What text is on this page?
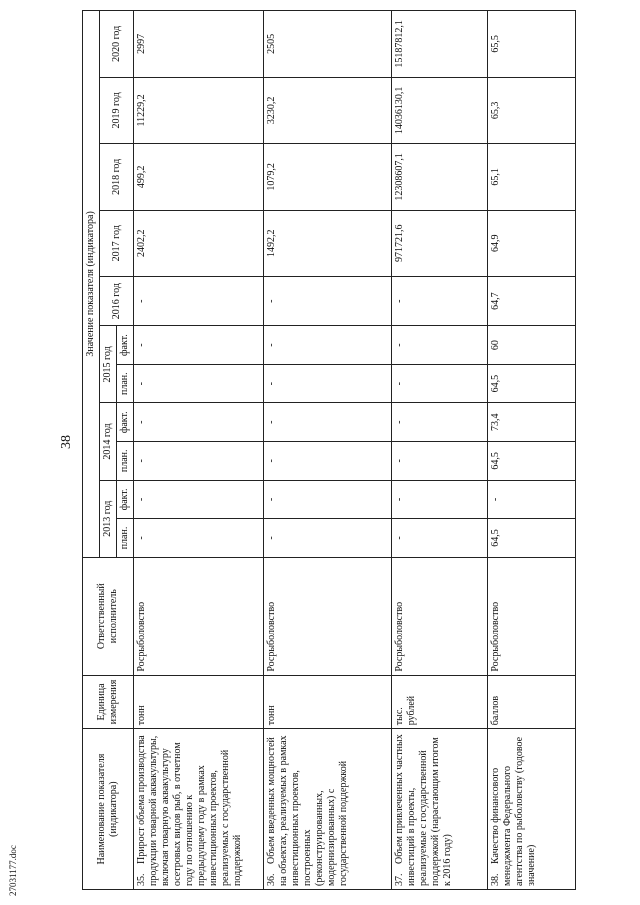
38
27031177.doc
Наименование показателя (индикатора)	Единица измерения	Ответственный исполнитель	Значение показателя (индикатора)										
			2013 год		2014 год		2015 год		2016 год	2017 год	2018 год	2019 год	2020 год
			план.	факт.	план.	факт.	план.	факт.					
35.Прирост объема производства продукции товарной аквакультуры, включая товарную аквакультуру осетровых видов рыб, в отчетном году по отношению к предыдущему году в рамках инвестиционных проектов, реализуемых с государственной поддержкой	тонн	Росрыболовство	-	-	-	-	-	-	-	2402,2	499,2	11229,2	2997
36.Объем введенных мощностей на объектах, реализуемых в рамках инвестиционных проектов, построенных (реконструированных, модернизированных) с государственной поддержкой	тонн	Росрыболовство	-	-	-	-	-	-	-	1492,2	1079,2	3230,2	2505
37.Объем привлеченных частных инвестиций в проекты, реализуемые с государственной поддержкой (нарастающим итогом к 2016 году)	тыс. рублей	Росрыболовство	-	-	-	-	-	-	-	971721,6	12308607,1	14036130,1	15187812,1
38.Качество финансового менеджмента Федерального агентства по рыболовству (годовое значение)	баллов	Росрыболовство	64,5	-	64,5	73,4	64,5	60	64,7	64,9	65,1	65,3	65,5
